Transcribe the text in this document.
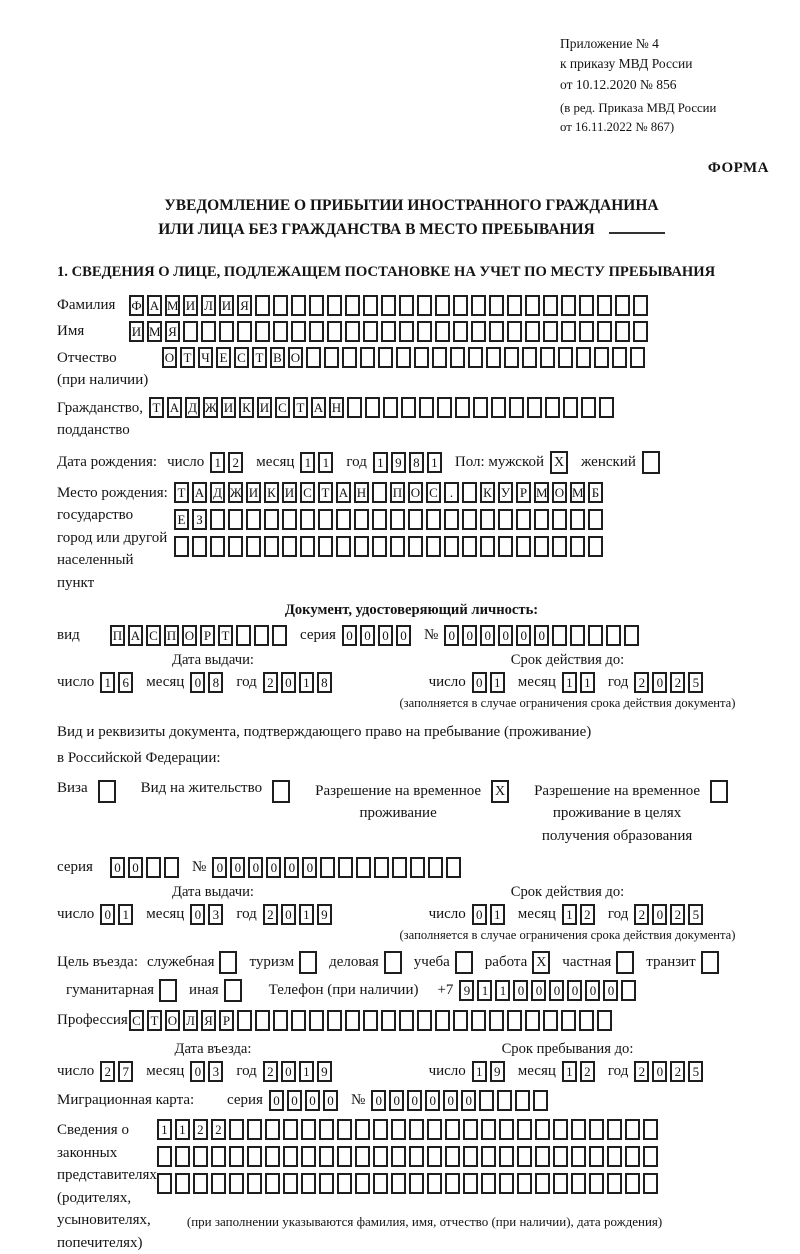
Приложение № 4
к приказу МВД России
от 10.12.2020 № 856
(в ред. Приказа МВД России
от 16.11.2022 № 867)
ФОРМА
УВЕДОМЛЕНИЕ О ПРИБЫТИИ ИНОСТРАННОГО ГРАЖДАНИНА
ИЛИ ЛИЦА БЕЗ ГРАЖДАНСТВА В МЕСТО ПРЕБЫВАНИЯ
1. СВЕДЕНИЯ О ЛИЦЕ, ПОДЛЕЖАЩЕМ ПОСТАНОВКЕ НА УЧЕТ ПО МЕСТУ ПРЕБЫВАНИЯ
Фамилия	Ф А М И Л И Я
Имя	И М Я
Отчество
(при наличии)
О Т Ч Е С Т В О
Гражданство,
подданство
Т А Д Ж И К И С Т А Н
Дата рождения: число 1 2 месяц 1 1 год 1 9 8 1 Пол: мужской X женский
Место рождения:
государство
город или другой
населенный пункт
Т А Д Ж И К И С Т А Н П О С .	К У Р М О М Б
Е З
Документ, удостоверяющий личность:
вид	П А С П О Р Т	серия 0 0 0 0 № 0 0 0 0 0 0
Дата выдачи:
число 1 6 месяц 0 8 год 2 0 1 8
Срок действия до:
число 0 1 месяц 1 1 год 2 0 2 5
(заполняется в случае ограничения срока действия документа)
Вид и реквизиты документа, подтверждающего право на пребывание (проживание)
в Российской Федерации:
Виза	Вид на жительство	Разрешение на временное
проживание
X Разрешение на временное
проживание в целях
получения образования
серия	0 0	№ 0 0 0 0 0 0
Дата выдачи:
число 0 1 месяц 0 3 год 2 0 1 9
Срок действия до:
число 0 1 месяц 1 2 год 2 0 2 5
(заполняется в случае ограничения срока действия документа)
Цель въезда: служебная туризм деловая учеба работа X частная транзит
гуманитарная иная	Телефон (при наличии) +7 9 1 1 0 0 0 0 0 0
Профессия С Т О Л Я Р
Дата въезда:
число 2 7 месяц 0 3 год 2 0 1 9
Срок пребывания до:
число 1 9 месяц 1 2 год 2 0 2 5
Миграционная карта:	серия 0 0 0 0 № 0 0 0 0 0 0
Сведения о
законных
представителях
(родителях,
усыновителях,
попечителях)
1 1 2 2
(при заполнении указываются фамилия, имя, отчество (при наличии), дата рождения)
